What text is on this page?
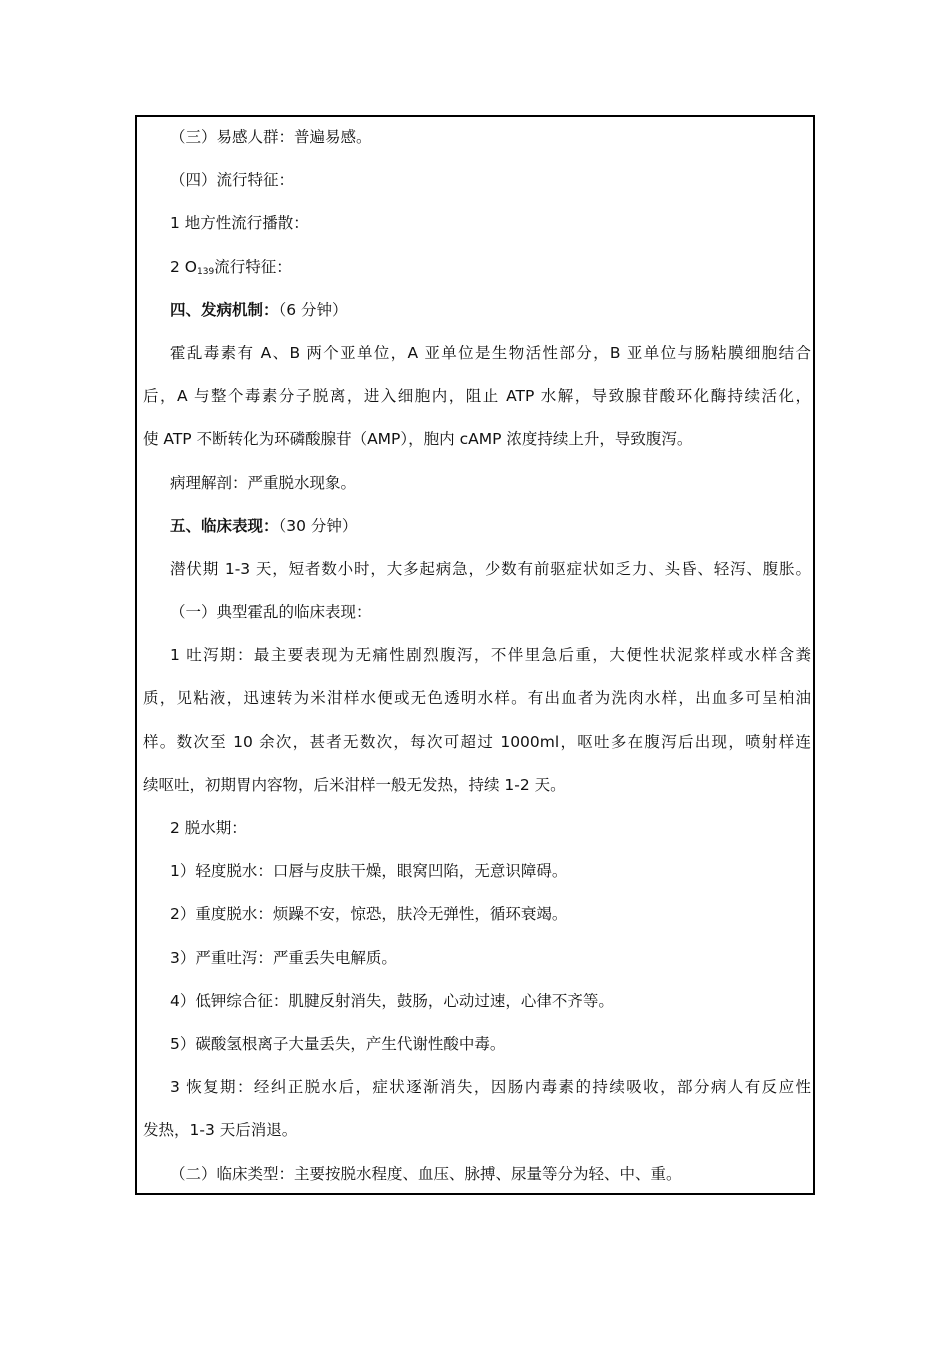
（三）易感人群：普遍易感。
（四）流行特征：
1 地方性流行播散：
2 $O_{139}$流行特征：
四、发病机制：（6 分钟）
霍乱毒素有 A、B 两个亚单位，A 亚单位是生物活性部分，B 亚单位与肠粘膜细胞结合
后，A 与整个毒素分子脱离，进入细胞内，阻止 ATP 水解，导致腺苷酸环化酶持续活化，
使 ATP 不断转化为环磷酸腺苷（AMP），胞内 cAMP 浓度持续上升，导致腹泻。
病理解剖：严重脱水现象。
五、临床表现：（30 分钟）
潜伏期 1-3 天，短者数小时，大多起病急，少数有前驱症状如乏力、头昏、轻泻、腹胀。
（一）典型霍乱的临床表现：
1 吐泻期：最主要表现为无痛性剧烈腹泻，不伴里急后重，大便性状泥浆样或水样含粪
质，见粘液，迅速转为米泔样水便或无色透明水样。有出血者为洗肉水样，出血多可呈柏油
样。数次至 10 余次，甚者无数次，每次可超过 1000ml，呕吐多在腹泻后出现，喷射样连
续呕吐，初期胃内容物，后米泔样一般无发热，持续 1-2 天。
2 脱水期：
1）轻度脱水：口唇与皮肤干燥，眼窝凹陷，无意识障碍。
2）重度脱水：烦躁不安，惊恐，肤冷无弹性，循环衰竭。
3）严重吐泻：严重丢失电解质。
4）低钾综合征：肌腱反射消失，鼓肠，心动过速，心律不齐等。
5）碳酸氢根离子大量丢失，产生代谢性酸中毒。
3 恢复期：经纠正脱水后，症状逐渐消失，因肠内毒素的持续吸收，部分病人有反应性
发热，1-3 天后消退。
（二）临床类型：主要按脱水程度、血压、脉搏、尿量等分为轻、中、重。
